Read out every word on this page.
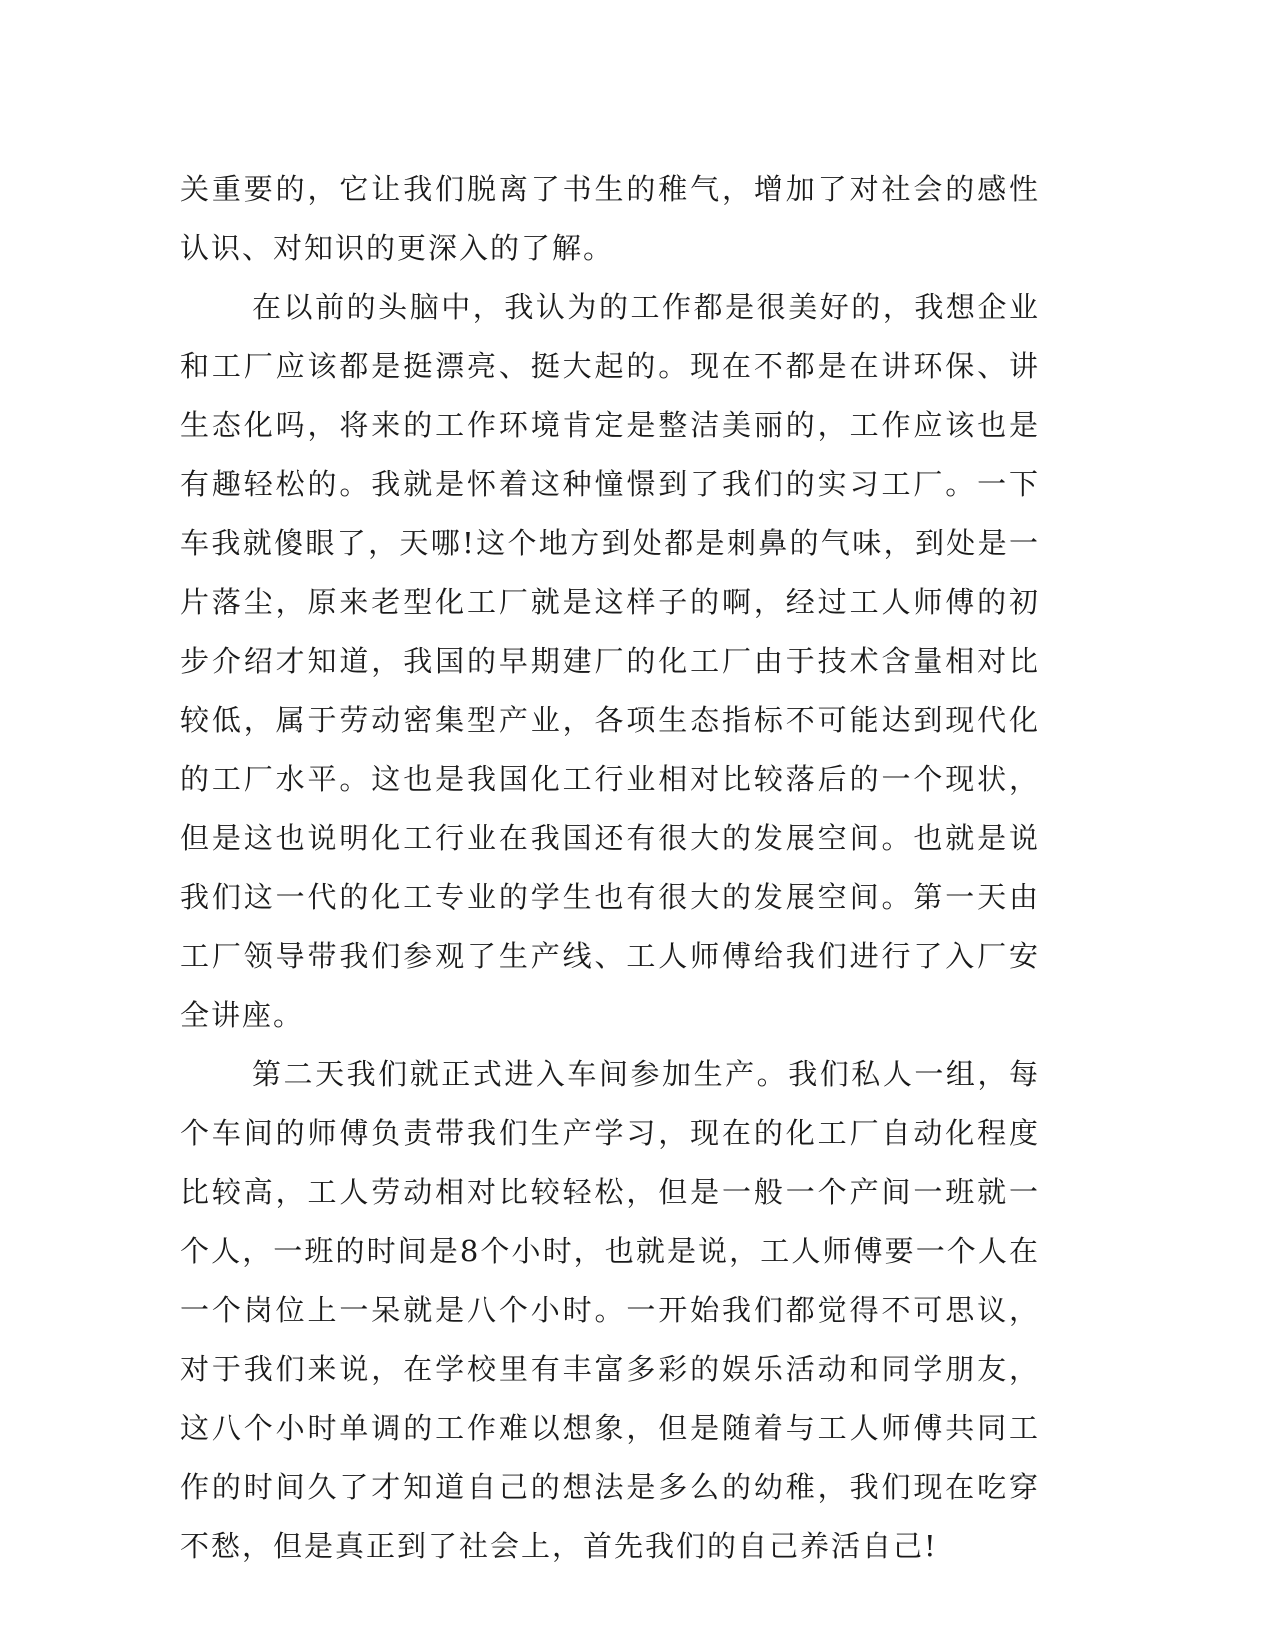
关重要的，它让我们脱离了书生的稚气，增加了对社会的感性认识、对知识的更深入的了解。

在以前的头脑中，我认为的工作都是很美好的，我想企业和工厂应该都是挺漂亮、挺大起的。现在不都是在讲环保、讲生态化吗，将来的工作环境肯定是整洁美丽的，工作应该也是有趣轻松的。我就是怀着这种憧憬到了我们的实习工厂。一下车我就傻眼了，天哪!这个地方到处都是刺鼻的气味，到处是一片落尘，原来老型化工厂就是这样子的啊，经过工人师傅的初步介绍才知道，我国的早期建厂的化工厂由于技术含量相对比较低，属于劳动密集型产业，各项生态指标不可能达到现代化的工厂水平。这也是我国化工行业相对比较落后的一个现状，但是这也说明化工行业在我国还有很大的发展空间。也就是说我们这一代的化工专业的学生也有很大的发展空间。第一天由工厂领导带我们参观了生产线、工人师傅给我们进行了入厂安全讲座。

第二天我们就正式进入车间参加生产。我们私人一组，每个车间的师傅负责带我们生产学习，现在的化工厂自动化程度比较高，工人劳动相对比较轻松，但是一般一个产间一班就一个人，一班的时间是8个小时，也就是说，工人师傅要一个人在一个岗位上一呆就是八个小时。一开始我们都觉得不可思议，对于我们来说，在学校里有丰富多彩的娱乐活动和同学朋友，这八个小时单调的工作难以想象，但是随着与工人师傅共同工作的时间久了才知道自己的想法是多么的幼稚，我们现在吃穿不愁，但是真正到了社会上，首先我们的自己养活自己!
